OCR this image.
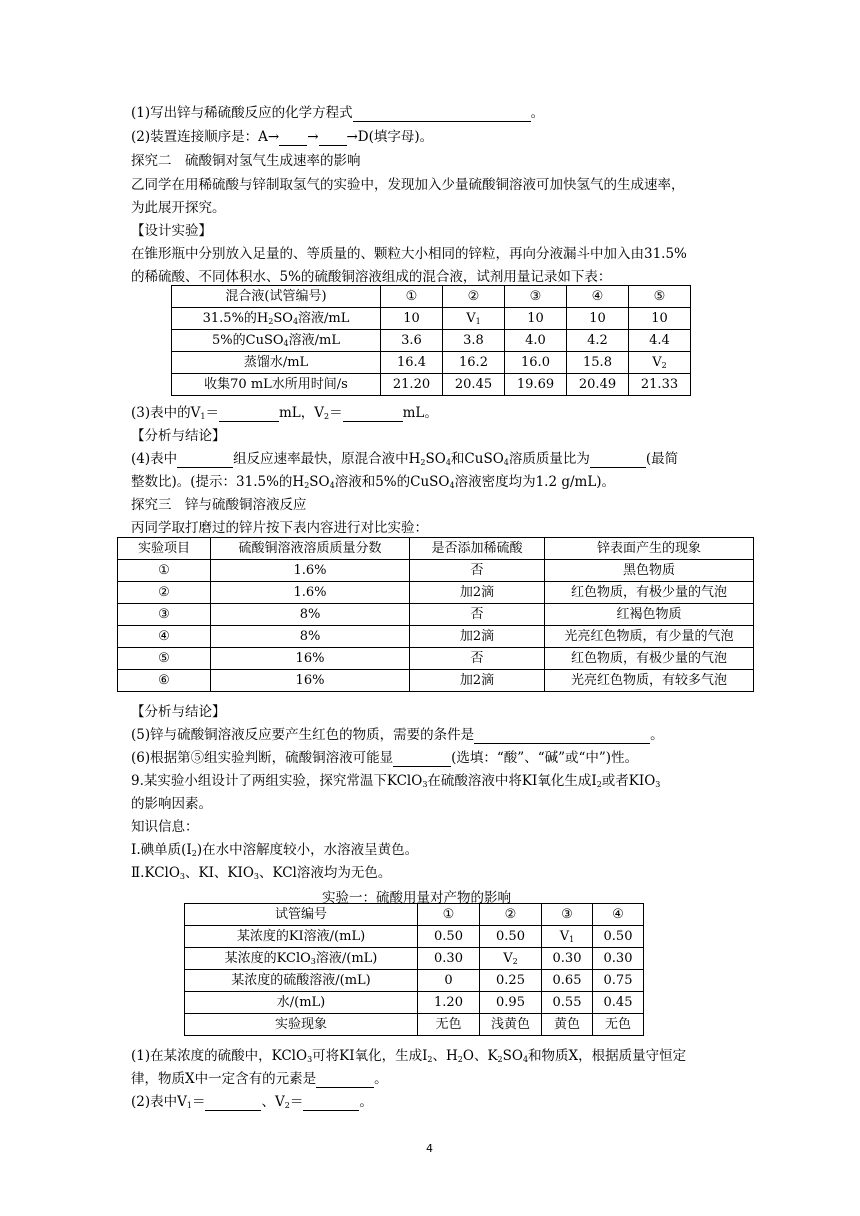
(1)写出锌与稀硫酸反应的化学方程式	。
(2)装置连接顺序是：A→ → →D(填字母)。
探究二　硫酸铜对氢气生成速率的影响
乙同学在用稀硫酸与锌制取氢气的实验中，发现加入少量硫酸铜溶液可加快氢气的生成速率，
为此展开探究。
【设计实验】
在锥形瓶中分别放入足量的、等质量的、颗粒大小相同的锌粒，再向分液漏斗中加入由31.5%
的稀硫酸、不同体积水、5%的硫酸铜溶液组成的混合液，试剂用量记录如下表：
混合液(试管编号)	①	②	③	④	⑤
31.5%的$H_2SO_4$溶液/mL	10	$V_1$	10	10	10
5%的CuSO$_4$溶液/mL	3.6	3.8	4.0	4.2	4.4
蒸馏水/mL	16.4	16.2	16.0	15.8	$V_2$
收集70 mL水所用时间/s	21.20	20.45	19.69	20.49	21.33
(3)表中的$V_1=$	mL，$V_2=$	mL。
【分析与结论】
(4)表中	组反应速率最快，原混合液中$H_2SO_4$和CuSO$_4$溶质质量比为	(最简
整数比)。(提示：31.5%的$H_2SO_4$溶液和5%的CuSO$_4$溶液密度均为1.2 g/mL)。
探究三　锌与硫酸铜溶液反应
丙同学取打磨过的锌片按下表内容进行对比实验：
实验项目	硫酸铜溶液溶质质量分数	是否添加稀硫酸	锌表面产生的现象
①	1.6%	否	黑色物质
②	1.6%	加2滴	红色物质，有极少量的气泡
③	8%	否	红褐色物质
④	8%	加2滴	光亮红色物质，有少量的气泡
⑤	16%	否	红色物质，有极少量的气泡
⑥	16%	加2滴	光亮红色物质，有较多气泡
【分析与结论】
(5)锌与硫酸铜溶液反应要产生红色的物质，需要的条件是	。
(6)根据第⑤组实验判断，硫酸铜溶液可能显	(选填：“酸”、“碱”或“中”)性。
9.某实验小组设计了两组实验，探究常温下KClO$_3$在硫酸溶液中将KI氧化生成$I_2$或者$KIO_3$
的影响因素。
知识信息：
Ⅰ.碘单质$(I_2)$在水中溶解度较小，水溶液呈黄色。
Ⅱ.KClO$_3$、KI、$KIO_3$、KCl溶液均为无色。
实验一：硫酸用量对产物的影响
试管编号	①	②	③	④
某浓度的KI溶液/(mL)	0.50	0.50	$V_1$	0.50
某浓度的KClO$_3$溶液/(mL)	0.30	$V_2$	0.30	0.30
某浓度的硫酸溶液/(mL)	0	0.25	0.65	0.75
水/(mL)	1.20	0.95	0.55	0.45
实验现象	无色	浅黄色	黄色	无色
(1)在某浓度的硫酸中，KClO$_3$可将KI氧化，生成$I_2$、$H_2O$、$K_2SO_4$和物质X，根据质量守恒定
律，物质X中一定含有的元素是	。
(2)表中$V_1=$	、$V_2=$	。
4
